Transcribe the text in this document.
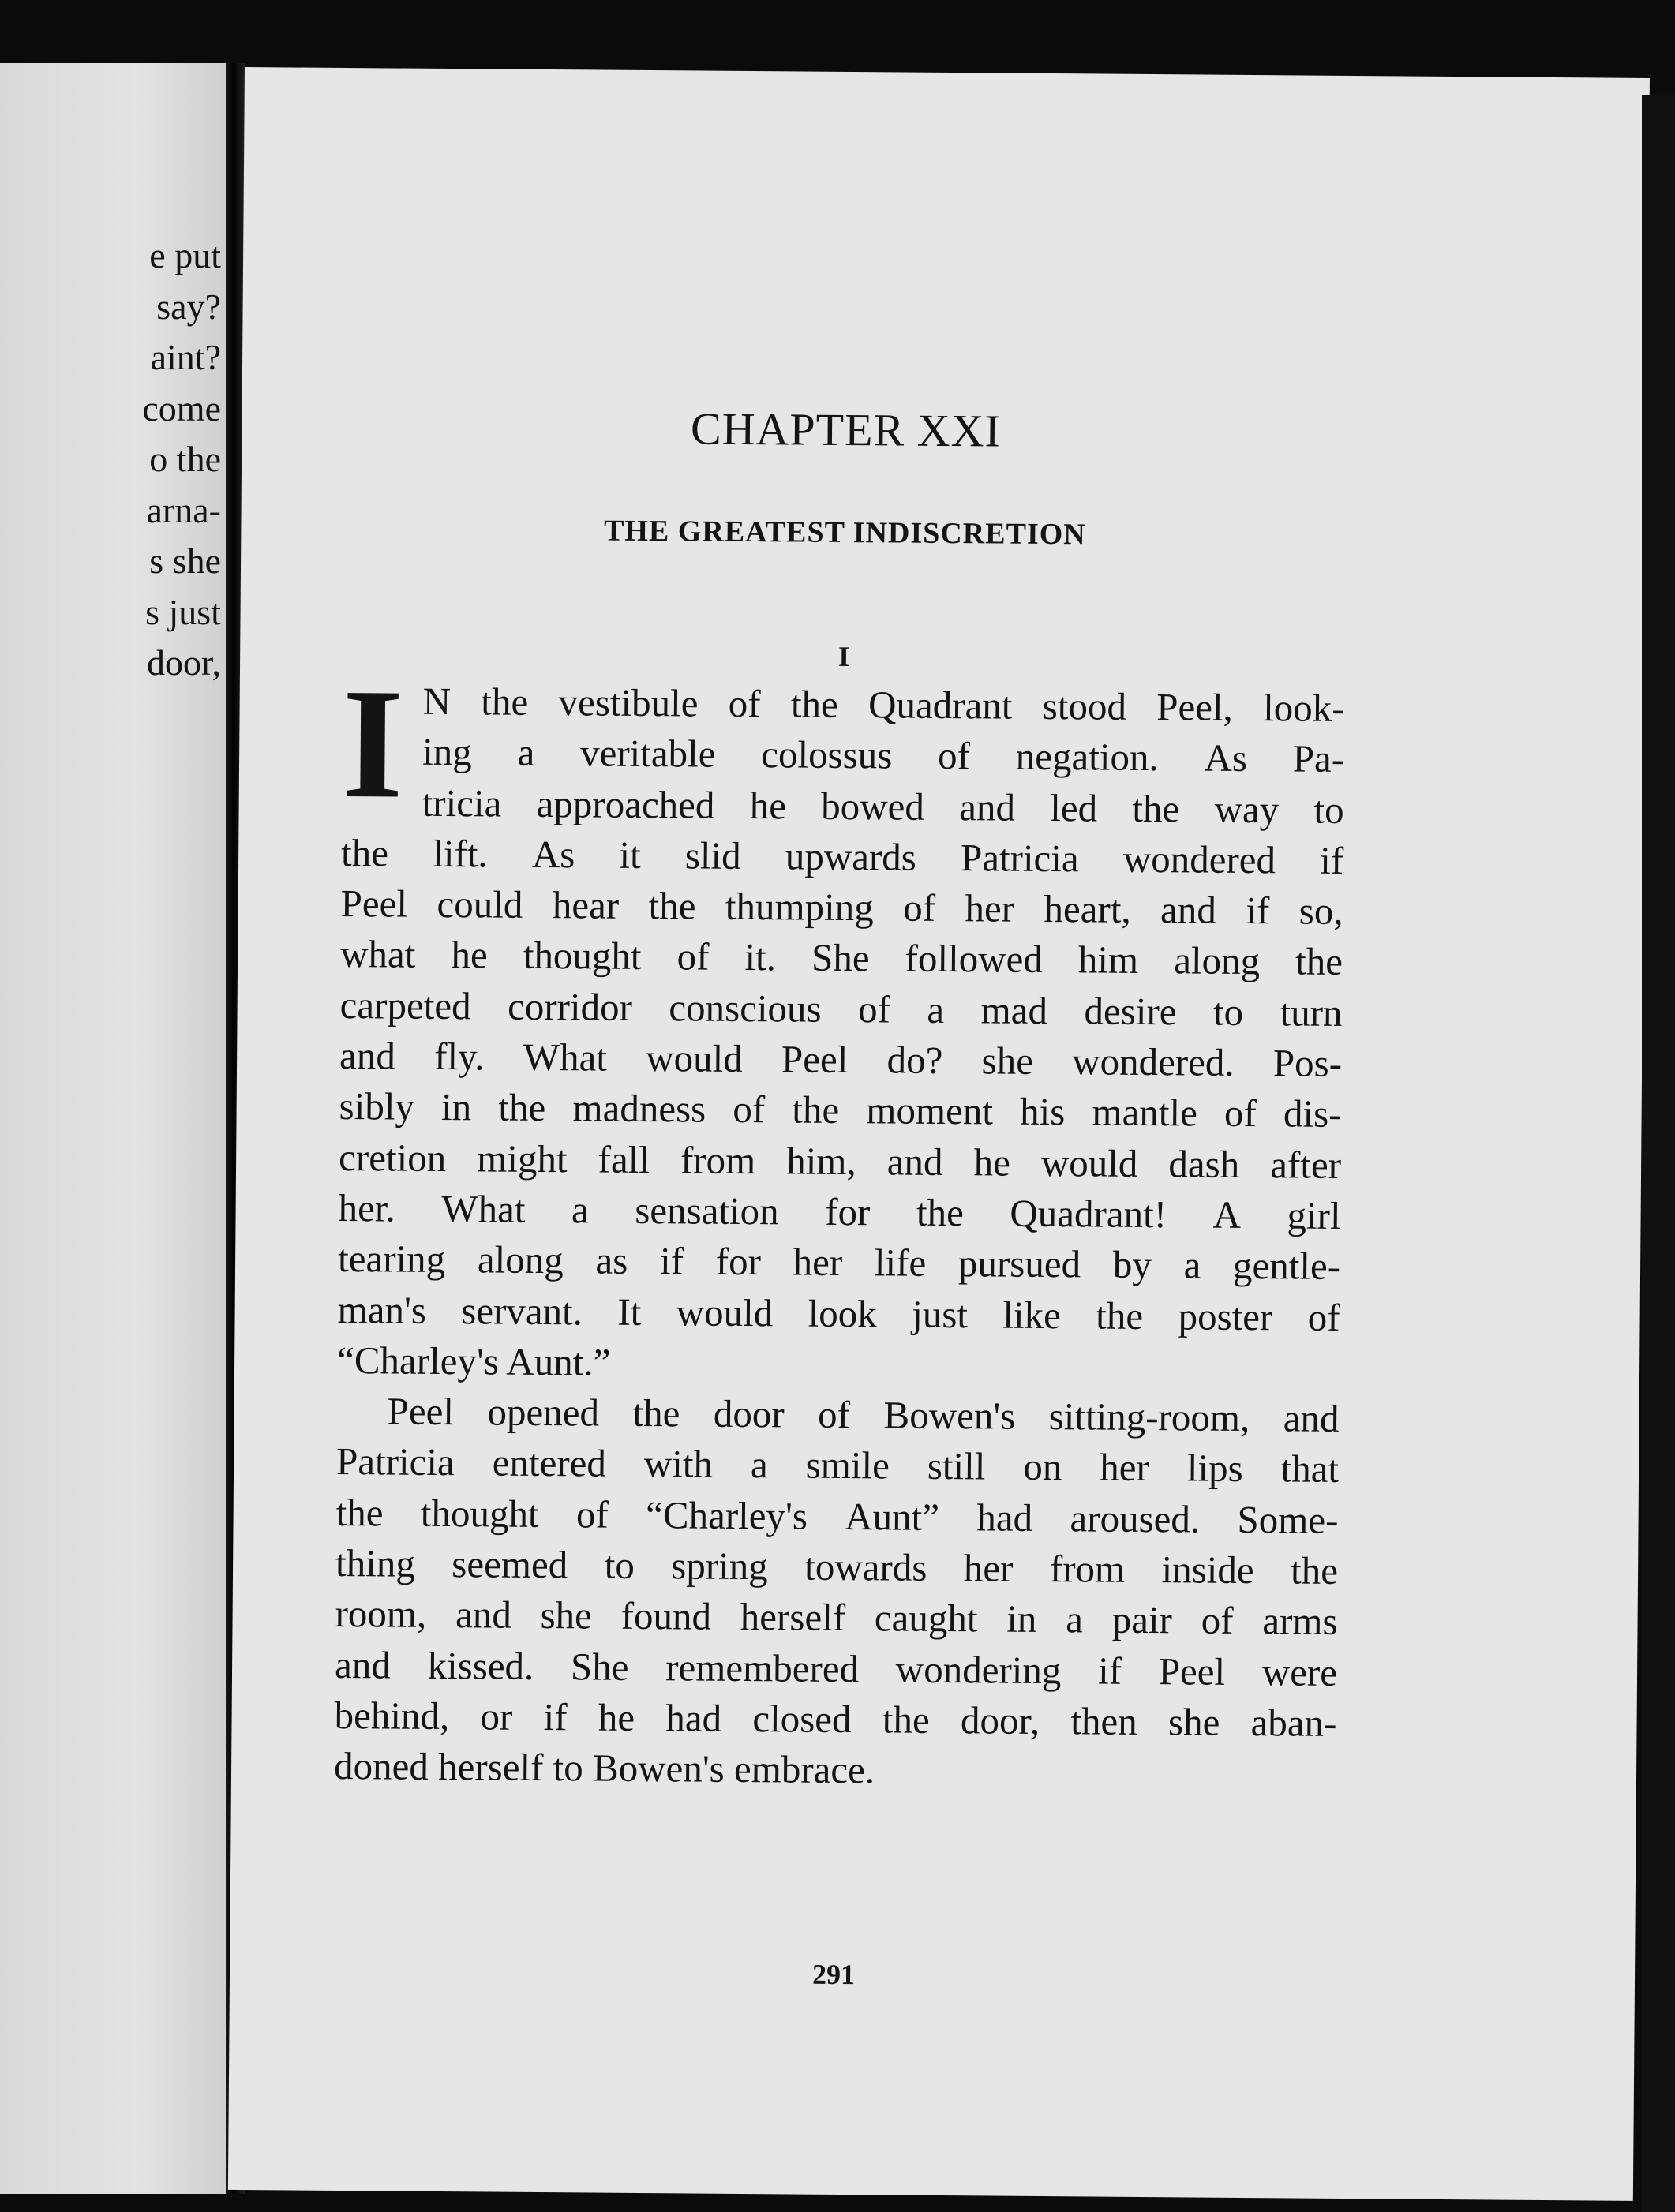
e put
say?
aint?
come
o the
arna-
s she
s just
door,
CHAPTER XXI
THE GREATEST INDISCRETION
I
I N the vestibule of the Quadrant stood Peel, look-
ing a veritable colossus of negation. As Pa-
tricia approached he bowed and led the way to
the lift. As it slid upwards Patricia wondered if
Peel could hear the thumping of her heart, and if so,
what he thought of it. She followed him along the
carpeted corridor conscious of a mad desire to turn
and fly. What would Peel do? she wondered. Pos-
sibly in the madness of the moment his mantle of dis-
cretion might fall from him, and he would dash after
her. What a sensation for the Quadrant! A girl
tearing along as if for her life pursued by a gentle-
man's servant. It would look just like the poster of
“Charley's Aunt.”
Peel opened the door of Bowen's sitting-room, and
Patricia entered with a smile still on her lips that
the thought of “Charley's Aunt” had aroused. Some-
thing seemed to spring towards her from inside the
room, and she found herself caught in a pair of arms
and kissed. She remembered wondering if Peel were
behind, or if he had closed the door, then she aban-
doned herself to Bowen's embrace.
291
